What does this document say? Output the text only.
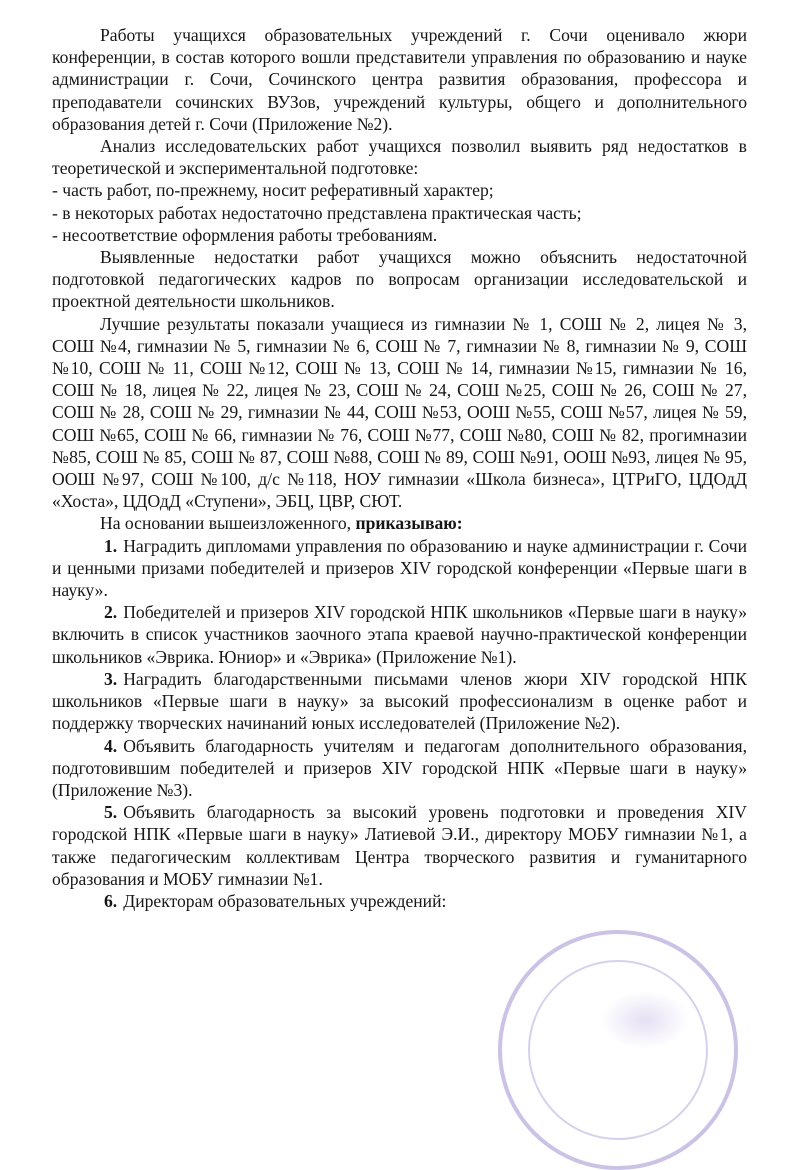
Работы учащихся образовательных учреждений г. Сочи оценивало жюри конференции, в состав которого вошли представители управления по образованию и науке администрации г. Сочи, Сочинского центра развития образования, профессора и преподаватели сочинских ВУЗов, учреждений культуры, общего и дополнительного образования детей г. Сочи (Приложение №2).

Анализ исследовательских работ учащихся позволил выявить ряд недостатков в теоретической и экспериментальной подготовке:

- часть работ, по-прежнему, носит реферативный характер;

- в некоторых работах недостаточно представлена практическая часть;

- несоответствие оформления работы требованиям.

Выявленные недостатки работ учащихся можно объяснить недостаточной подготовкой педагогических кадров по вопросам организации исследовательской и проектной деятельности школьников.

Лучшие результаты показали учащиеся из гимназии № 1, СОШ № 2, лицея № 3, СОШ №4, гимназии № 5, гимназии № 6, СОШ № 7, гимназии № 8, гимназии № 9, СОШ №10, СОШ № 11, СОШ №12, СОШ № 13, СОШ № 14, гимназии №15, гимназии № 16, СОШ № 18, лицея № 22, лицея № 23, СОШ № 24, СОШ №25, СОШ № 26, СОШ № 27, СОШ № 28, СОШ № 29, гимназии № 44, СОШ №53, ООШ №55, СОШ №57, лицея № 59, СОШ №65, СОШ № 66, гимназии № 76, СОШ №77, СОШ №80, СОШ № 82, прогимназии №85, СОШ № 85, СОШ № 87, СОШ №88, СОШ № 89, СОШ №91, ООШ №93, лицея № 95, ООШ №97, СОШ №100, д/с №118, НОУ гимназии «Школа бизнеса», ЦТРиГО, ЦДОдД «Хоста», ЦДОдД «Ступени», ЭБЦ, ЦВР, СЮТ.

На основании вышеизложенного, приказываю:

1. Наградить дипломами управления по образованию и науке администрации г. Сочи и ценными призами победителей и призеров XIV городской конференции «Первые шаги в науку».

2. Победителей и призеров XIV городской НПК школьников «Первые шаги в науку» включить в список участников заочного этапа краевой научно-практической конференции школьников «Эврика. Юниор» и «Эврика» (Приложение №1).

3. Наградить благодарственными письмами членов жюри XIV городской НПК школьников «Первые шаги в науку» за высокий профессионализм в оценке работ и поддержку творческих начинаний юных исследователей (Приложение №2).

4. Объявить благодарность учителям и педагогам дополнительного образования, подготовившим победителей и призеров XIV городской НПК «Первые шаги в науку» (Приложение №3).

5. Объявить благодарность за высокий уровень подготовки и проведения XIV городской НПК «Первые шаги в науку» Латиевой Э.И., директору МОБУ гимназии №1, а также педагогическим коллективам Центра творческого развития и гуманитарного образования и МОБУ гимназии №1.

6. Директорам образовательных учреждений:
